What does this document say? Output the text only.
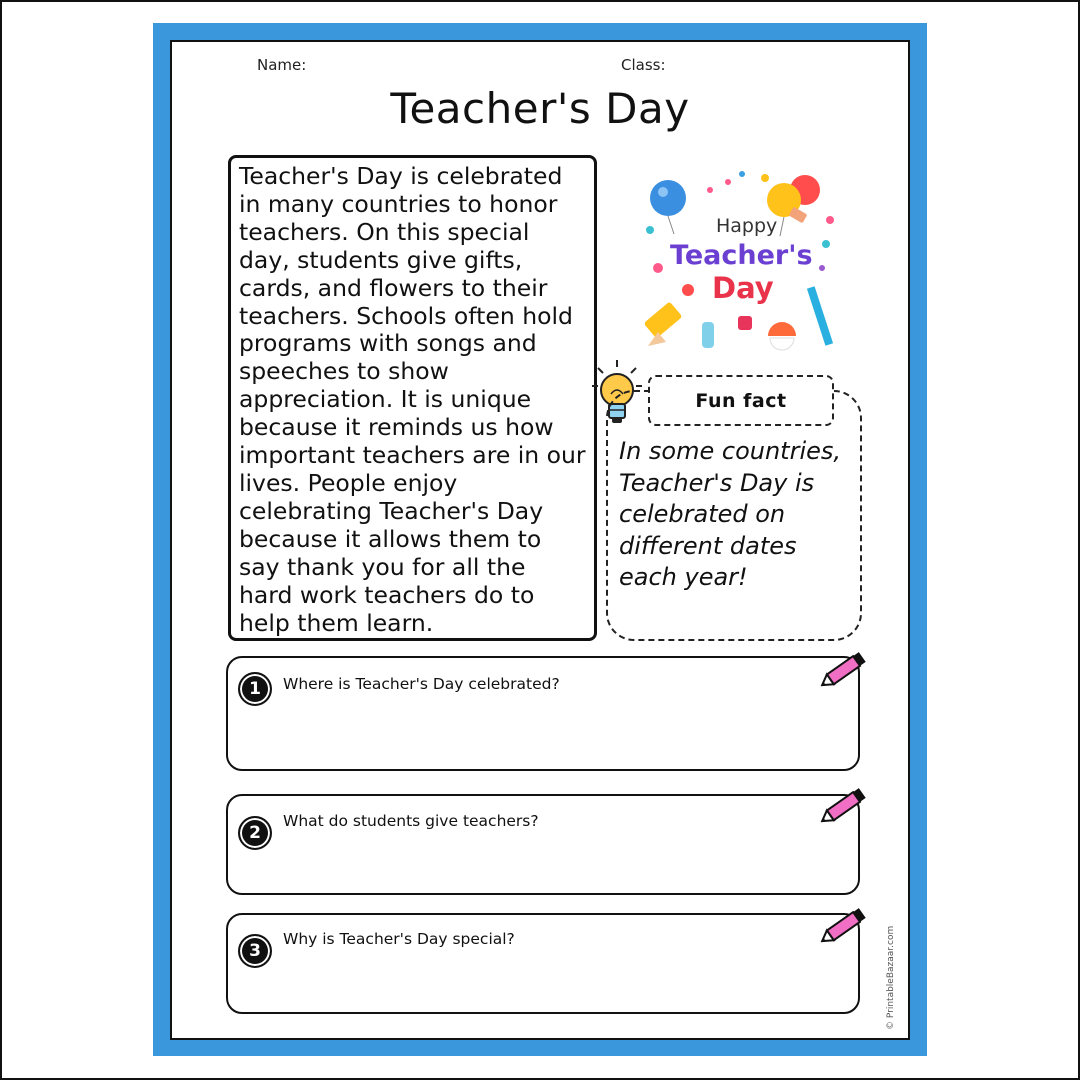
Name:	Class:
Teacher's Day
Teacher's Day is celebrated in many countries to honor teachers. On this special day, students give gifts, cards, and flowers to their teachers. Schools often hold programs with songs and speeches to show appreciation. It is unique because it reminds us how important teachers are in our lives. People enjoy celebrating Teacher's Day because it allows them to say thank you for all the hard work teachers do to help them learn.
Happy
Teacher's
Day
Fun fact
In some countries, Teacher's Day is celebrated on different dates each year!
1	Where is Teacher's Day celebrated?
2
What do students give teachers?
3
Why is Teacher's Day special?	© PrintableBazaar.com
